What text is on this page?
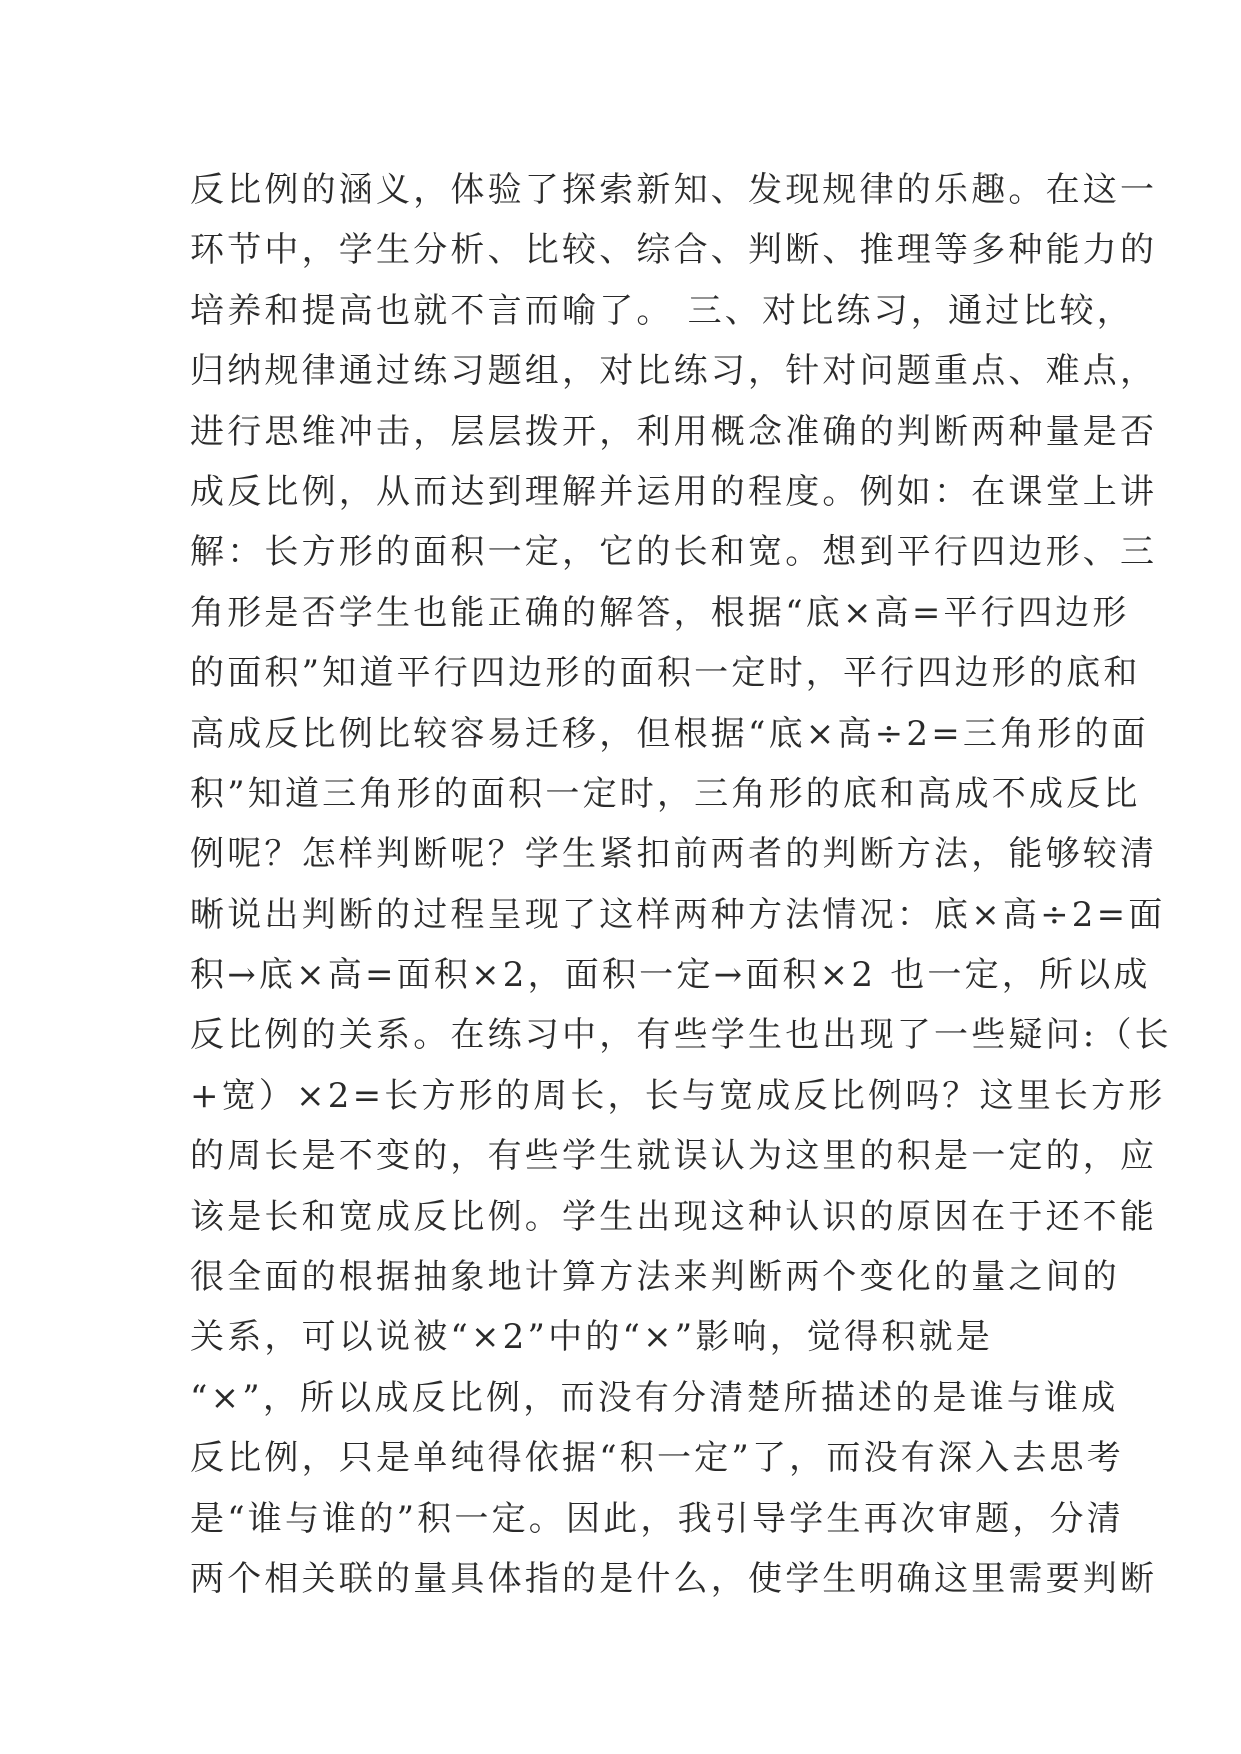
反比例的涵义，体验了探索新知、发现规律的乐趣。在这一
环节中，学生分析、比较、综合、判断、推理等多种能力的
培养和提高也就不言而喻了。 三、对比练习，通过比较，
归纳规律通过练习题组，对比练习，针对问题重点、难点，
进行思维冲击，层层拨开，利用概念准确的判断两种量是否
成反比例，从而达到理解并运用的程度。例如：在课堂上讲
解：长方形的面积一定，它的长和宽。想到平行四边形、三
角形是否学生也能正确的解答，根据“底×高=平行四边形
的面积”知道平行四边形的面积一定时，平行四边形的底和
高成反比例比较容易迁移，但根据“底×高÷2=三角形的面
积”知道三角形的面积一定时，三角形的底和高成不成反比
例呢？怎样判断呢？学生紧扣前两者的判断方法，能够较清
晰说出判断的过程呈现了这样两种方法情况：底×高÷2=面
积→底×高=面积×2，面积一定→面积×2 也一定，所以成
反比例的关系。在练习中，有些学生也出现了一些疑问:（长
+宽）×2=长方形的周长，长与宽成反比例吗？这里长方形
的周长是不变的，有些学生就误认为这里的积是一定的，应
该是长和宽成反比例。学生出现这种认识的原因在于还不能
很全面的根据抽象地计算方法来判断两个变化的量之间的
关系，可以说被“×2”中的“×”影响，觉得积就是
“×”，所以成反比例，而没有分清楚所描述的是谁与谁成
反比例，只是单纯得依据“积一定”了，而没有深入去思考
是“谁与谁的”积一定。因此，我引导学生再次审题，分清
两个相关联的量具体指的是什么，使学生明确这里需要判断
